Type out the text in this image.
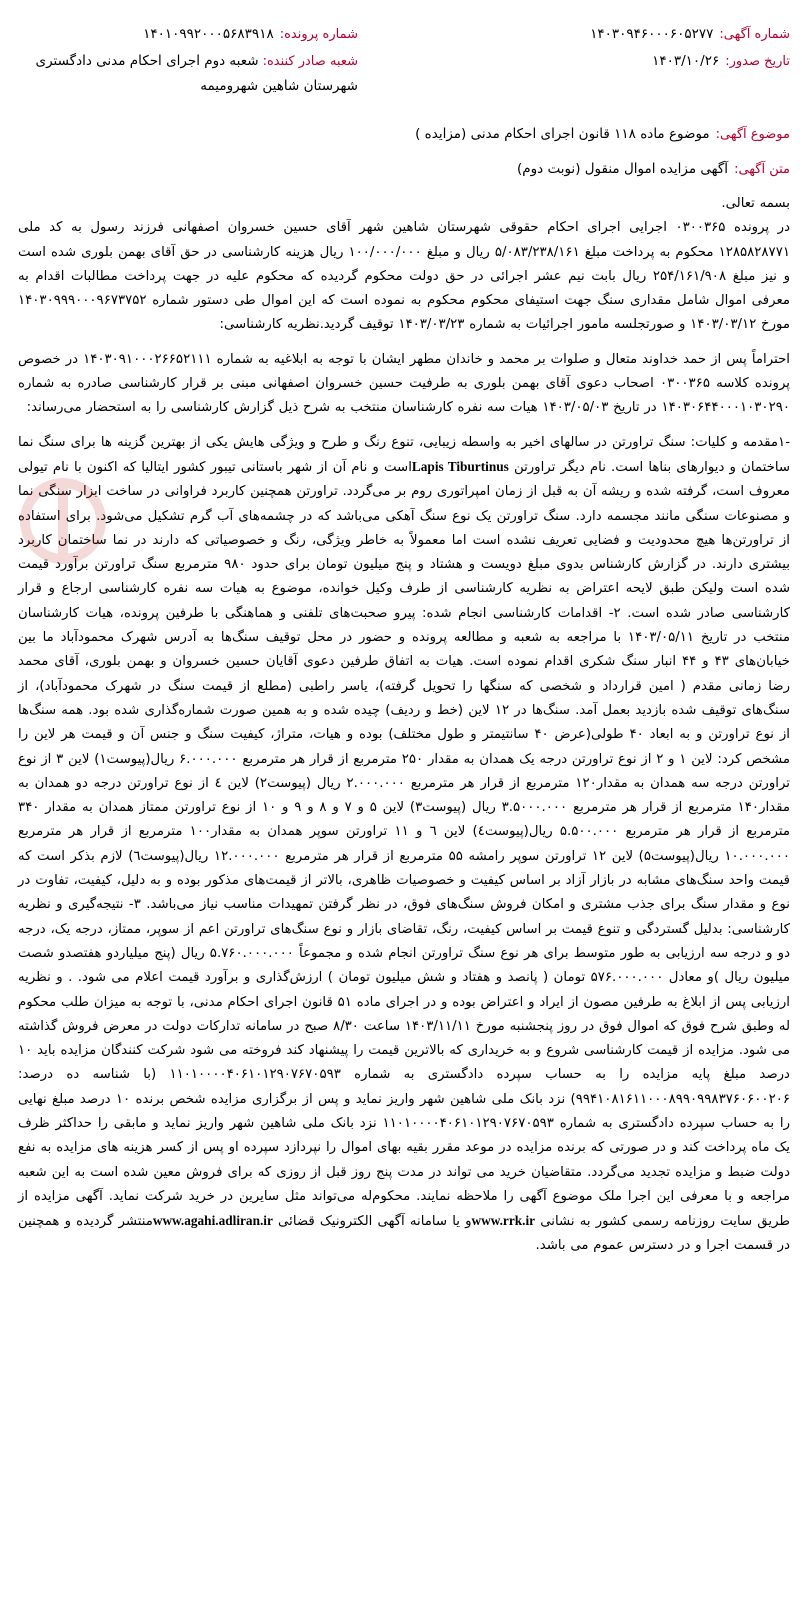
شماره آگهی:۱۴۰۳۰۹۴۶۰۰۰۶۰۵۲۷۷
شماره پرونده:۱۴۰۱۰۹۹۲۰۰۰۵۶۸۳۹۱۸
تاریخ صدور:۱۴۰۳/۱۰/۲۶
شعبه صادر کننده:شعبه دوم اجرای احکام مدنی دادگستری شهرستان شاهین شهرومیمه
موضوع آگهی:موضوع ماده ۱۱۸ قانون اجرای احکام مدنی (مزایده )
متن آگهی:آگهی مزایده اموال منقول (نوبت دوم)

بسمه تعالی.

در پرونده ۰۳۰۰۳۶۵ اجرایی اجرای احکام حقوقی شهرستان شاهین شهر آقای حسین خسروان اصفهانی فرزند رسول به کد ملی ۱۲۸۵۸۲۸۷۷۱ محکوم به پرداخت مبلغ ۵/۰۸۳/۲۳۸/۱۶۱ ریال و مبلغ ۱۰۰/۰۰۰/۰۰۰ ریال هزینه کارشناسی در حق آقای بهمن بلوری شده است و نیز مبلغ ۲۵۴/۱۶۱/۹۰۸ ریال بابت نیم عشر اجرائی در حق دولت محکوم گردیده که محکوم علیه در جهت پرداخت مطالبات اقدام به معرفی اموال شامل مقداری سنگ جهت استیفای محکوم محکوم به نموده است که این اموال طی دستور شماره ۱۴۰۳۰۹۹۹۰۰۰۹۶۷۳۷۵۲ مورخ ۱۴۰۳/۰۳/۱۲ و صورتجلسه مامور اجرائیات به شماره ۱۴۰۳/۰۳/۲۳ توقیف گردید.نظریه کارشناسی:

احتراماً پس از حمد خداوند متعال و صلوات بر محمد و خاندان مطهر ایشان با توجه به ابلاغیه به شماره ۱۴۰۳۰۹۱۰۰۰۲۶۶۵۲۱۱۱ در خصوص پرونده کلاسه ۰۳۰۰۳۶۵ اصحاب دعوی آقای بهمن بلوری به طرفیت حسین خسروان اصفهانی مبنی بر قرار کارشناسی صادره به شماره ۱۴۰۳۰۶۴۴۰۰۰۱۰۳۰۲۹۰ در تاریخ ۱۴۰۳/۰۵/۰۳ هیات سه نفره کارشناسان منتخب به شرح ذیل گزارش کارشناسی را به استحضار می‌رساند:

-۱مقدمه و کلیات: سنگ تراورتن در سالهای اخیر به واسطه زیبایی، تنوع رنگ و طرح و ویژگی هایش یکی از بهترین گزینه ها برای سنگ نما ساختمان و دیوارهای بناها است. نام دیگر تراورتن Lapis Tiburtinusاست و نام آن از شهر باستانی تیبور کشور ایتالیا که اکنون با نام تیولی معروف است، گرفته شده و ریشه آن به قبل از زمان امپراتوری روم بر می‌گردد. تراورتن همچنین کاربرد فراوانی در ساخت ابزار سنگی نما و مصنوعات سنگی مانند مجسمه دارد. سنگ تراورتن یک نوع سنگ آهکی می‌باشد که در چشمه‌های آب گرم تشکیل می‌شود. برای استفاده از تراورتن‌ها هیچ محدودیت و فضایی تعریف نشده است اما معمولاً به خاطر ویژگی، رنگ و خصوصیاتی که دارند در نما ساختمان کاربرد بیشتری دارند. در گزارش کارشناس بدوی مبلغ دویست و هشتاد و پنج میلیون تومان برای حدود ۹۸۰ مترمربع سنگ تراورتن برآورد قیمت شده است ولیکن طبق لایحه اعتراض به نظریه کارشناسی از طرف وکیل خوانده، موضوع به هیات سه نفره کارشناسی ارجاع و قرار کارشناسی صادر شده است. ۲- اقدامات کارشناسی انجام شده: پیرو صحبت‌های تلفنی و هماهنگی با طرفین پرونده، هیات کارشناسان منتخب در تاریخ ۱۴۰۳/۰۵/۱۱ با مراجعه به شعبه و مطالعه پرونده و حضور در محل توقیف سنگ‌ها به آدرس شهرک محمودآباد ما بین خیابان‌های ۴۳ و ۴۴ انبار سنگ شکری اقدام نموده است. هیات به اتفاق طرفین دعوی آقایان حسین خسروان و بهمن بلوری، آقای محمد رضا زمانی مقدم ( امین قرارداد و شخصی که سنگها را تحویل گرفته)، یاسر راطبی (مطلع از قیمت سنگ در شهرک محمودآباد)، از سنگ‌های توقیف شده بازدید بعمل آمد. سنگ‌ها در ۱۲ لاین (خط و ردیف) چیده شده و به همین صورت شماره‌گذاری شده بود. همه سنگ‌ها از نوع تراورتن و به ابعاد ۴۰ طولی(عرض ۴۰ سانتیمتر و طول مختلف) بوده و هیات، متراژ، کیفیت سنگ و جنس آن و قیمت هر لاین را مشخص کرد: لاین ۱ و ۲ از نوع تراورتن درجه یک همدان به مقدار ۲۵۰ مترمربع از قرار هر مترمربع ۶.۰۰۰.۰۰۰ ریال(پیوست۱) لاین ۳ از نوع تراورتن درجه سه همدان به مقدار۱۲۰ مترمربع از قرار هر مترمربع ۲.۰۰۰.۰۰۰ ریال (پیوست۲) لاین ٤ از نوع تراورتن درجه دو همدان به مقدار۱۴۰ مترمربع از قرار هر مترمربع ۳.۵۰۰۰.۰۰۰ ریال (پیوست۳) لاین ۵ و ۷ و ۸ و ۹ و ۱۰ از نوع تراورتن ممتاز همدان به مقدار ۳۴۰ مترمربع از قرار هر مترمربع ۵.۵۰۰.۰۰۰ ریال(پیوست٤) لاین ٦ و ۱۱ تراورتن سوپر همدان به مقدار۱۰۰ مترمربع از قرار هر مترمربع ۱۰.۰۰۰.۰۰۰ ریال(پیوست۵) لاین ۱۲ تراورتن سوپر رامشه ۵۵ مترمربع از قرار هر مترمربع ۱۲.۰۰۰.۰۰۰ ریال(پیوست٦) لازم بذکر است که قیمت واحد سنگ‌های مشابه در بازار آزاد بر اساس کیفیت و خصوصیات ظاهری، بالاتر از قیمت‌های مذکور بوده و به دلیل، کیفیت، تفاوت در نوع و مقدار سنگ برای جذب مشتری و امکان فروش سنگ‌های فوق، در نظر گرفتن تمهیدات مناسب نیاز می‌باشد. ۳- نتیجه‌گیری و نظریه کارشناسی: بدلیل گستردگی و تنوع قیمت بر اساس کیفیت، رنگ، تقاضای بازار و نوع سنگ‌های تراورتن اعم از سوپر، ممتاز، درجه یک، درجه دو و درجه سه ارزیابی به طور متوسط برای هر نوع سنگ تراورتن انجام شده و مجموعاً ۵.۷۶۰.۰۰۰.۰۰۰ ریال (پنج میلیاردو هفتصدو شصت میلیون ریال )و معادل ۵۷۶.۰۰۰.۰۰۰ تومان ( پانصد و هفتاد و شش میلیون تومان ) ارزش‌گذاری و برآورد قیمت اعلام می شود. . و نظریه ارزیابی پس از ابلاغ به طرفین مصون از ایراد و اعتراض بوده و در اجرای ماده ۵۱ قانون اجرای احکام مدنی، با توجه به میزان طلب محکوم له وطبق شرح فوق که اموال فوق در روز پنجشنبه مورخ ۱۴۰۳/۱۱/۱۱ ساعت ۸/۳۰ صبح در سامانه تدارکات دولت در معرض فروش گذاشته می شود. مزایده از قیمت کارشناسی شروع و به خریداری که بالاترین قیمت را پیشنهاد کند فروخته می شود شرکت کنندگان مزایده باید ۱۰ درصد مبلغ پایه مزایده را به حساب سپرده دادگستری به شماره ۱۱۰۱۰۰۰۰۴۰۶۱۰۱۲۹۰۷۶۷۰۵۹۳ (با شناسه ده درصد: ۹۹۴۱۰۸۱۶۱۱۰۰۰۸۹۹۰۹۹۸۳۷۶۰۶۰۰۲۰۶) نزد بانک ملی شاهین شهر واریز نماید و پس از برگزاری مزایده شخص برنده ۱۰ درصد مبلغ نهایی را به حساب سپرده دادگستری به شماره ۱۱۰۱۰۰۰۰۴۰۶۱۰۱۲۹۰۷۶۷۰۵۹۳ نزد بانک ملی شاهین شهر واریز نماید و مابقی را حداکثر ظرف یک ماه پرداخت کند و در صورتی که برنده مزایده در موعد مقرر بقیه بهای اموال را نپردازد سپرده او پس از کسر هزینه های مزایده به نفع دولت ضبط و مزایده تجدید می‌گردد. متقاضیان خرید می تواند در مدت پنج روز قبل از روزی که برای فروش معین شده است به این شعبه مراجعه و با معرفی این اجرا ملک موضوع آگهی را ملاحظه نمایند. محکوم‌له می‌تواند مثل سایرین در خرید شرکت نماید. آگهی مزایده از طریق سایت روزنامه رسمی کشور به نشانی www.rrk.irو یا سامانه آگهی الکترونیک قضائی www.agahi.adliran.irمنتشر گردیده و همچنین در قسمت اجرا و در دسترس عموم می باشد.
